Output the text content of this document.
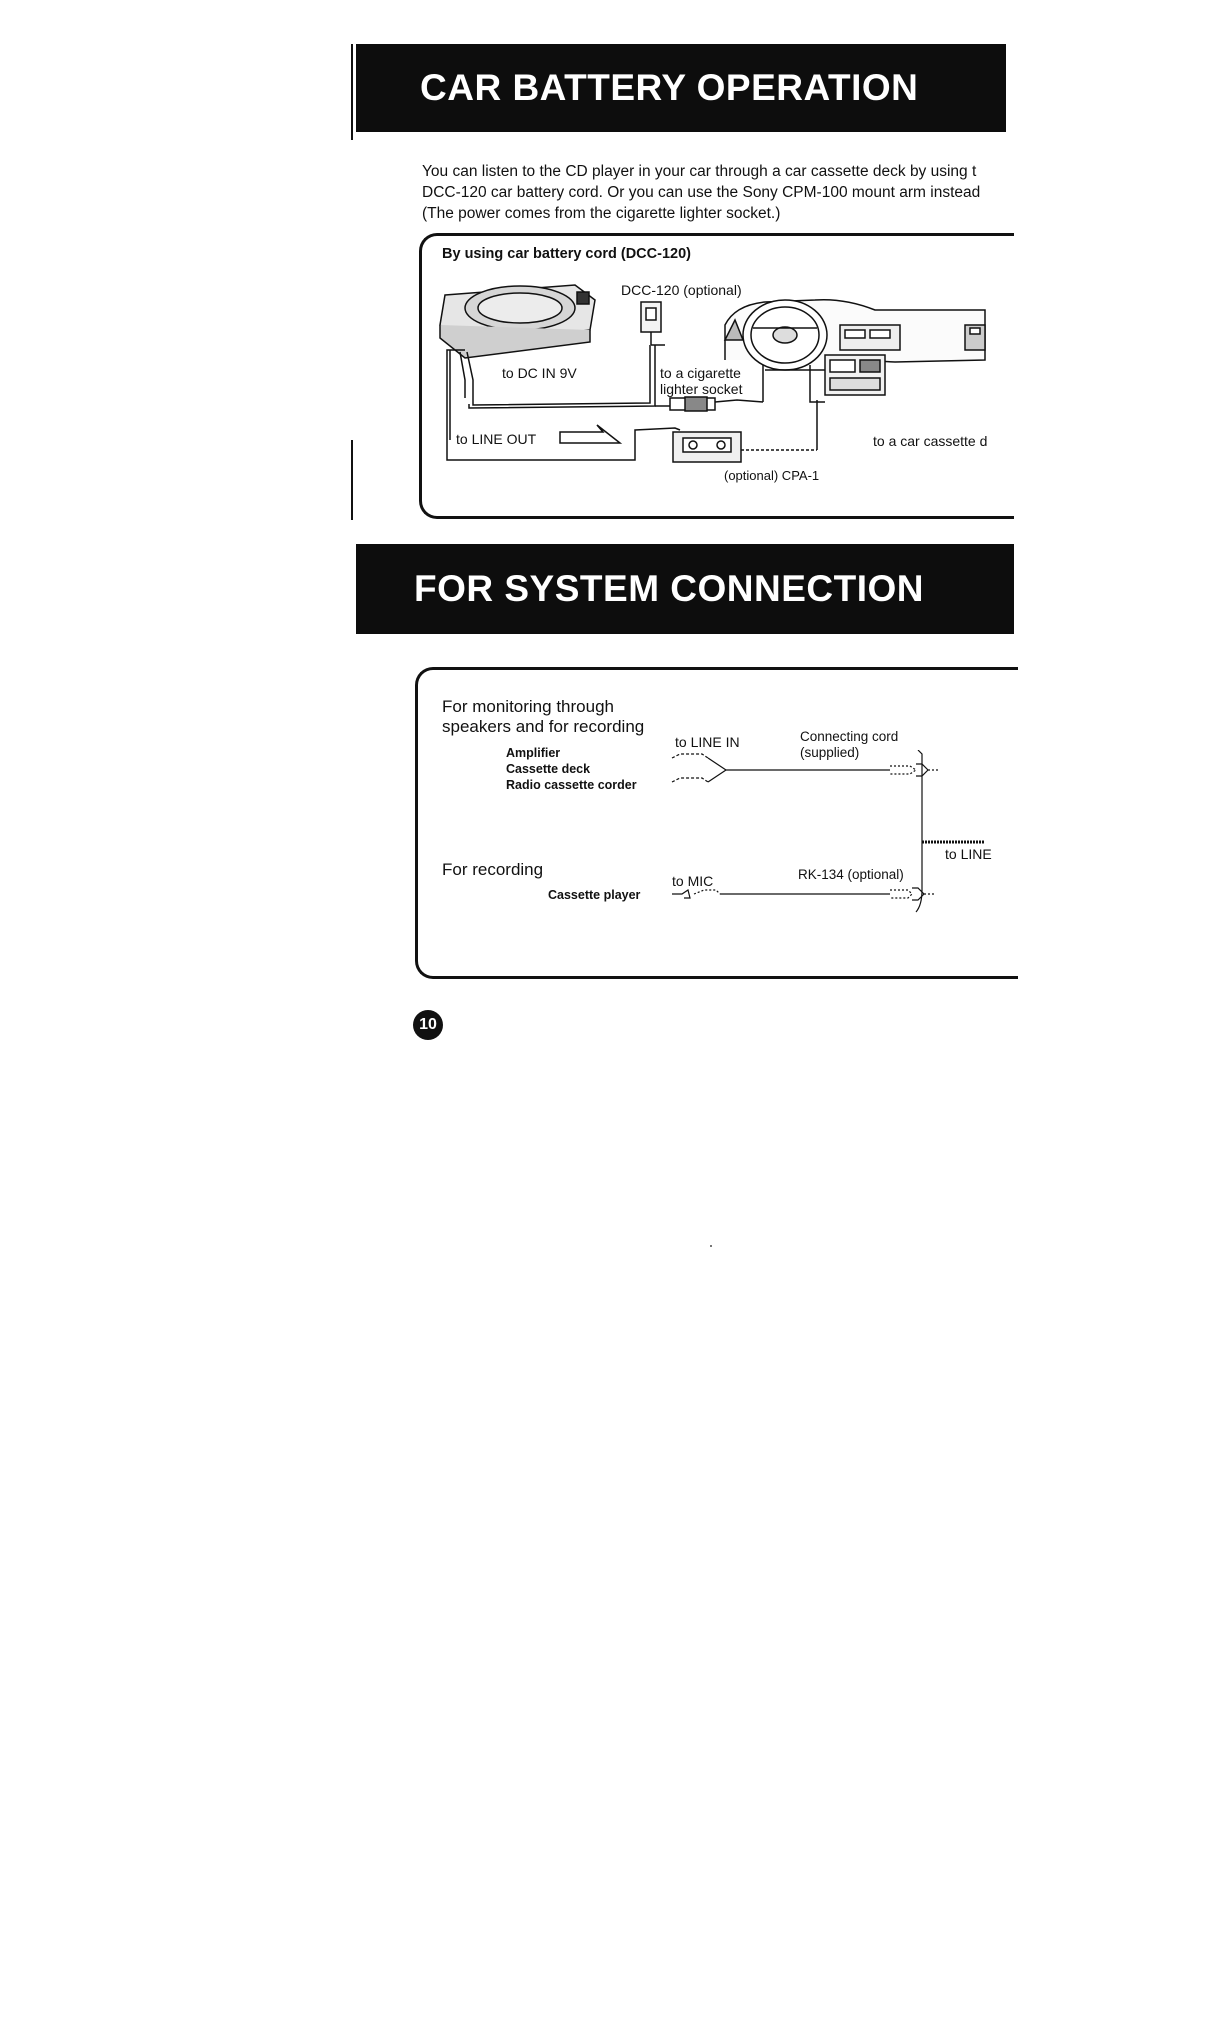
CAR BATTERY OPERATION
You can listen to the CD player in your car through a car cassette deck by using t
DCC-120 car battery cord. Or you can use the Sony CPM-100 mount arm instead
(The power comes from the cigarette lighter socket.)
By using car battery cord (DCC-120)
DCC-120 (optional)
to DC IN 9V	to a cigarette
lighter socket
to LINE OUT	to a car cassette d
(optional) CPA-1
FOR SYSTEM CONNECTION
For monitoring through
speakers and for recording
Amplifier
Cassette deck
Radio cassette corder
to LINE IN	Connecting cord
(supplied)
to LINE
For recording
Cassette player
to MIC	RK-134 (optional)
10
